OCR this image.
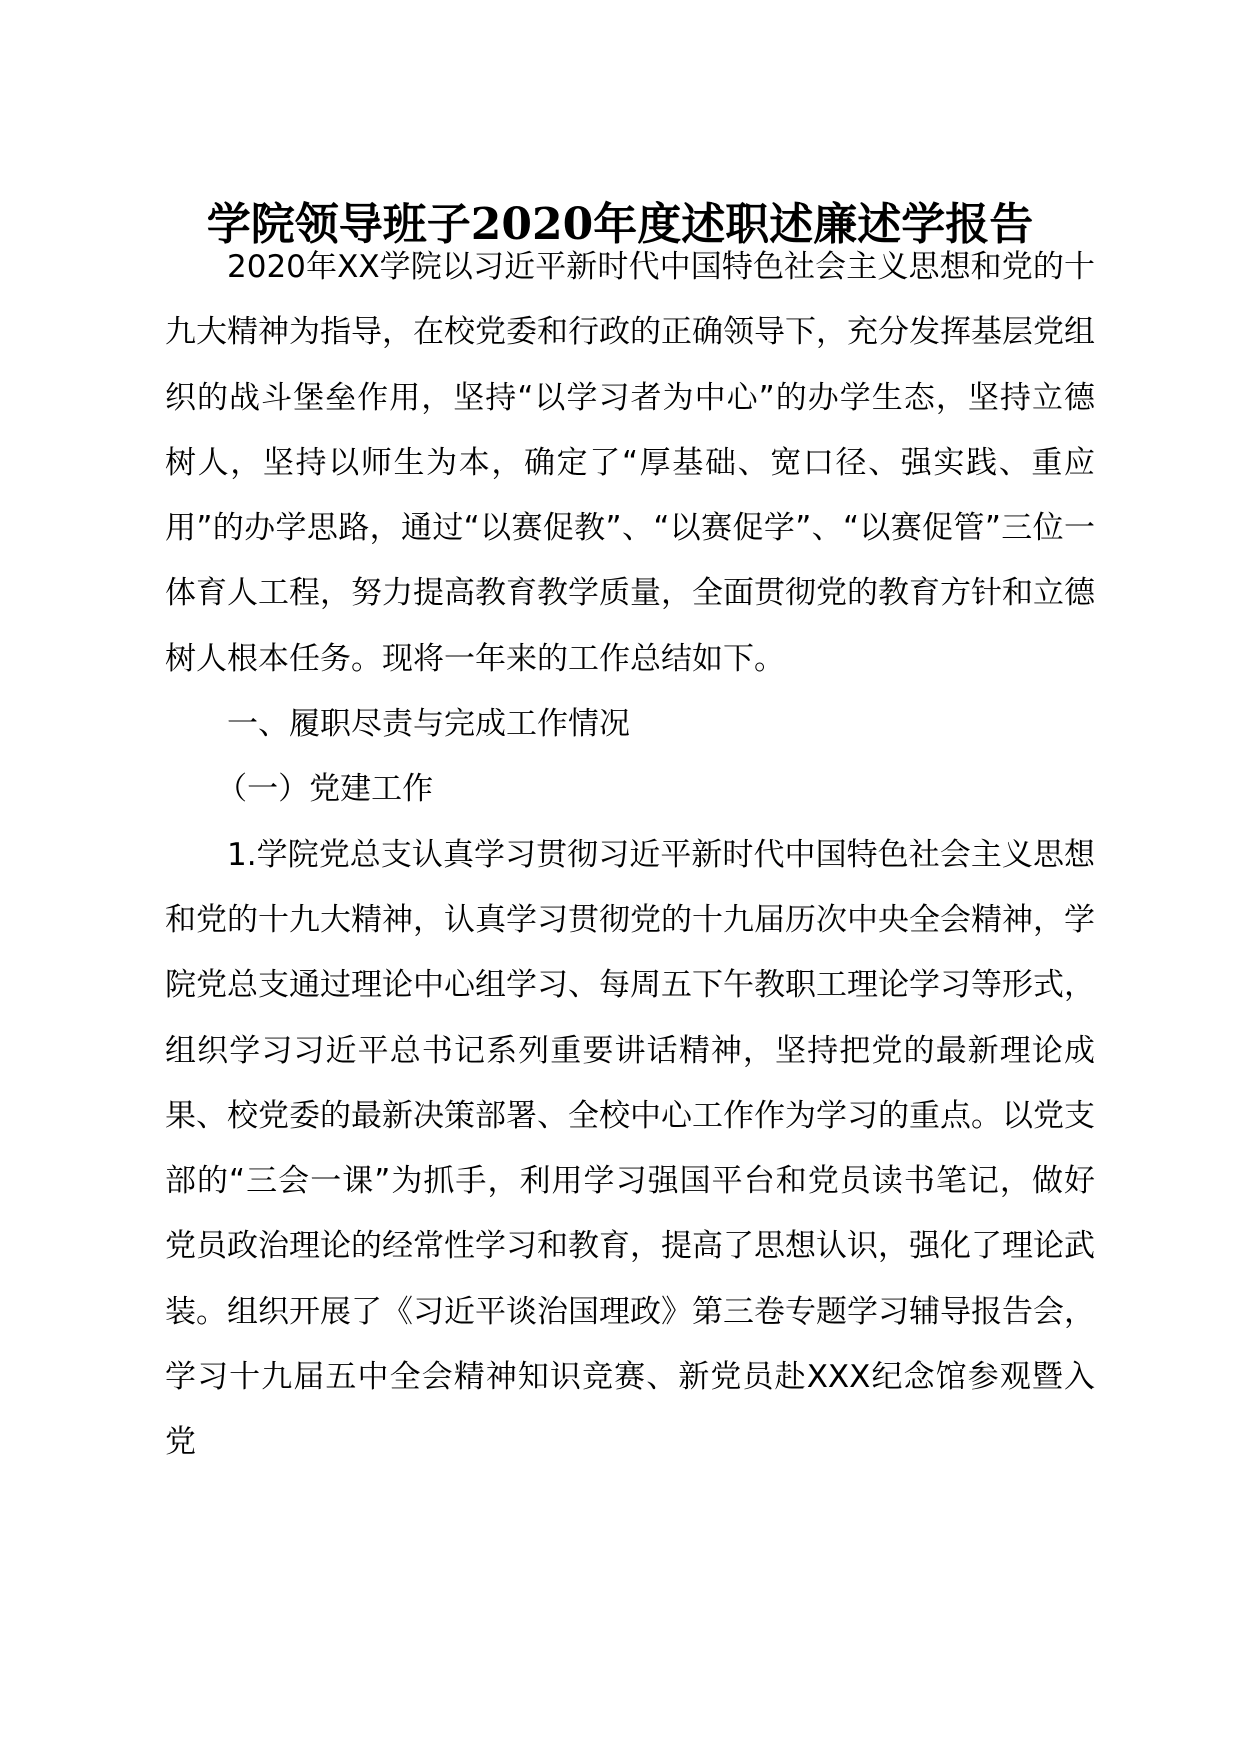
学院领导班子2020年度述职述廉述学报告

2020年XX学院以习近平新时代中国特色社会主义思想和党的十九大精神为指导，在校党委和行政的正确领导下，充分发挥基层党组织的战斗堡垒作用，坚持“以学习者为中心”的办学生态，坚持立德树人，坚持以师生为本，确定了“厚基础、宽口径、强实践、重应用”的办学思路，通过“以赛促教”、“以赛促学”、“以赛促管”三位一体育人工程，努力提高教育教学质量，全面贯彻党的教育方针和立德树人根本任务。现将一年来的工作总结如下。

一、履职尽责与完成工作情况

（一）党建工作

1.学院党总支认真学习贯彻习近平新时代中国特色社会主义思想和党的十九大精神，认真学习贯彻党的十九届历次中央全会精神，学院党总支通过理论中心组学习、每周五下午教职工理论学习等形式，组织学习习近平总书记系列重要讲话精神，坚持把党的最新理论成果、校党委的最新决策部署、全校中心工作作为学习的重点。以党支部的“三会一课”为抓手，利用学习强国平台和党员读书笔记，做好党员政治理论的经常性学习和教育，提高了思想认识，强化了理论武装。组织开展了《习近平谈治国理政》第三卷专题学习辅导报告会，学习十九届五中全会精神知识竞赛、新党员赴XXX纪念馆参观暨入党
